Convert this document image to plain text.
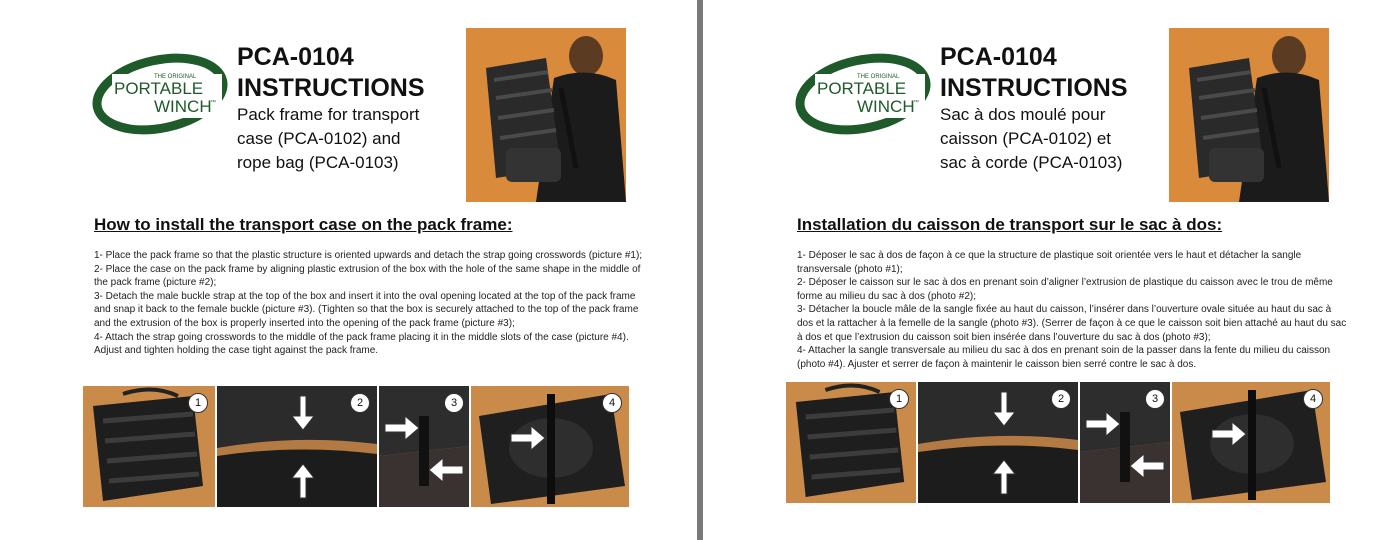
THE ORIGINAL
PORTABLE
WINCH
™
PCA-0104
INSTRUCTIONS
Pack frame for transport
case (PCA-0102) and
rope bag (PCA-0103)
How to install the transport case on the pack frame:

1- Place the pack frame so that the plastic structure is oriented upwards and detach the strap going crosswords (picture #1);

2- Place the case on the pack frame by aligning plastic extrusion of the box with the hole of the same shape in the middle of the pack frame (picture #2);

3- Detach the male buckle strap at the top of the box and insert it into the oval opening located at the top of the pack frame and snap it back to the female buckle (picture #3). (Tighten so that the box is securely attached to the top of the pack frame and the extrusion of the box is properly inserted into the opening of the pack frame (picture #3);

4- Attach the strap going crosswords to the middle of the pack frame placing it in the middle slots of the case (picture #4). Adjust and tighten holding the case tight against the pack frame.

1	2	3	4
THE ORIGINAL
PORTABLE
WINCH
™
PCA-0104
INSTRUCTIONS
Sac à dos moulé pour
caisson (PCA-0102) et
sac à corde (PCA-0103)
Installation du caisson de transport sur le sac à dos:

1- Déposer le sac à dos de façon à ce que la structure de plastique soit orientée vers le haut et détacher la sangle transversale (photo #1);

2- Déposer le caisson sur le sac à dos en prenant soin d’aligner l’extrusion de plastique du caisson avec le trou de même forme au milieu du sac à dos (photo #2);

3- Détacher la boucle mâle de la sangle fixée au haut du caisson, l’insérer dans l’ouverture ovale située au haut du sac à dos et la rattacher à la femelle de la sangle (photo #3). (Serrer de façon à ce que le caisson soit bien attaché au haut du sac à dos et que l’extrusion du caisson soit bien insérée dans l’ouverture du sac à dos (photo #3);

4- Attacher la sangle transversale au milieu du sac à dos en prenant soin de la passer dans la fente du milieu du caisson (photo #4). Ajuster et serrer de façon à maintenir le caisson bien serré contre le sac à dos.

1	2	3	4
